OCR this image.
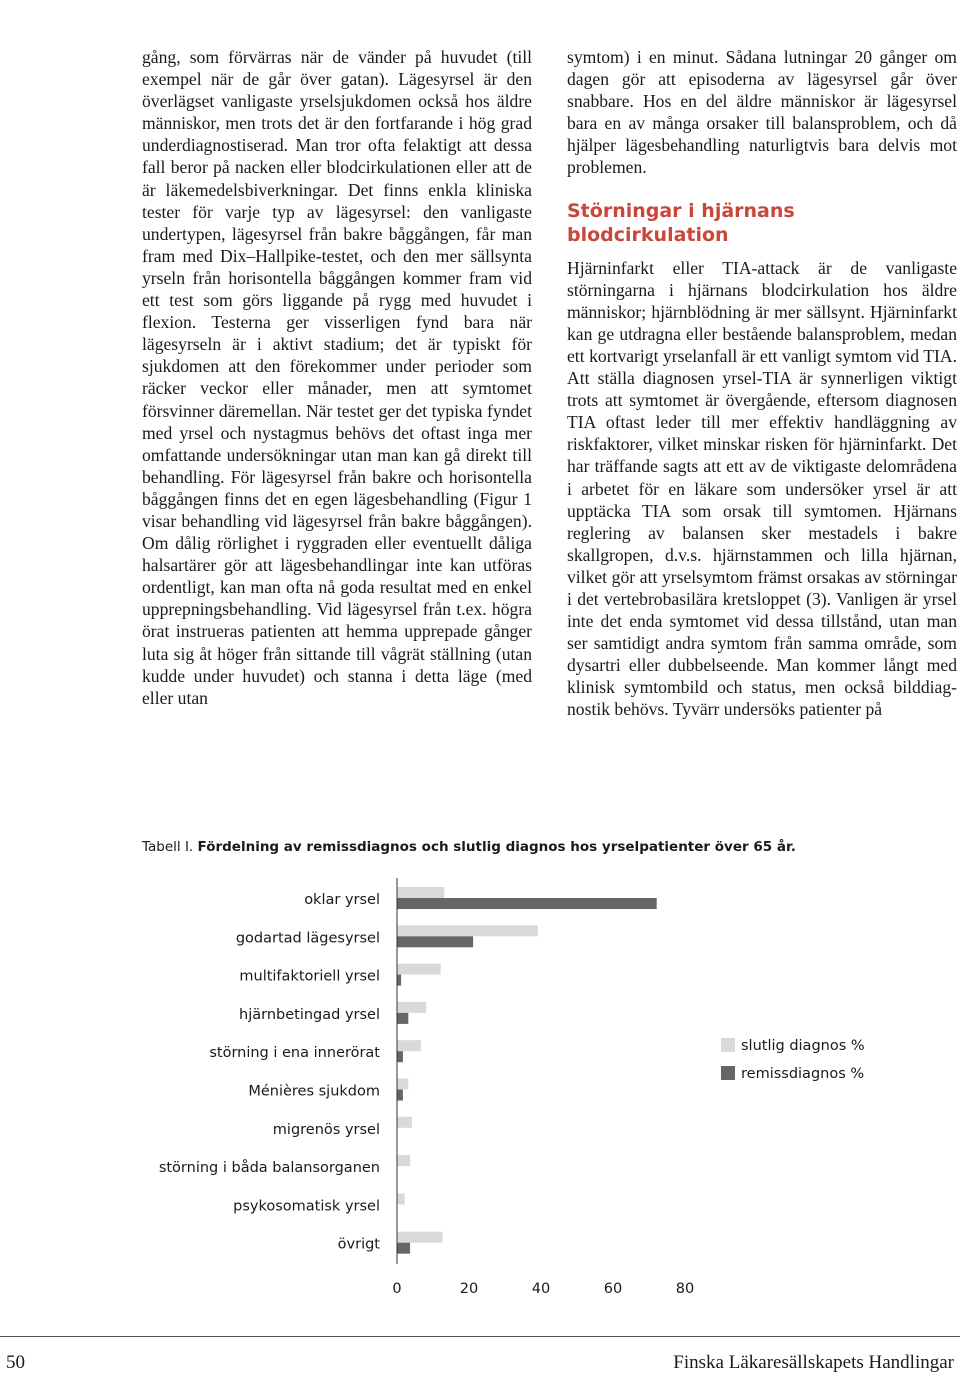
gång, som förvärras när de vänder på huvudet (till exempel när de går över gatan). Lägesyrsel är den överlägset vanligaste yrselsjukdomen också hos äldre människor, men trots det är den fortfarande i hög grad underdiagnostiserad. Man tror ofta felaktigt att dessa fall beror på nacken eller blodcirkulationen eller att de är läkemedelsbiverkningar. Det finns enkla kliniska tester för varje typ av lägesyrsel: den vanligaste undertypen, lägesyrsel från bakre båggången, får man fram med Dix–Hallpike-testet, och den mer sällsynta yrseln från horisontella båggången kommer fram vid ett test som görs liggande på rygg med huvudet i flexion. Testerna ger visserligen fynd bara när lägesyrseln är i aktivt stadium; det är typiskt för sjukdomen att den förekommer under perioder som räcker veckor eller månader, men att symtomet försvinner däremellan. När testet ger det typiska fyndet med yrsel och nystagmus behövs det oftast inga mer omfattande undersökningar utan man kan gå direkt till behandling. För lägesyrsel från bakre och horisontella båggången finns det en egen lägesbehandling (Figur 1 visar behandling vid lägesyrsel från bakre båggången). Om dålig rörlighet i ryggraden eller eventuellt dåliga halsartärer gör att lägesbehandlingar inte kan utföras ordentligt, kan man ofta nå goda resultat med en enkel upprepningsbehandling. Vid lägesyrsel från t.ex. högra örat instrueras patienten att hemma upprepade gånger luta sig åt höger från sittande till vågrät ställning (utan kudde under huvudet) och stanna i detta läge (med eller utan

symtom) i en minut. Sådana lutningar 20 gånger om dagen gör att episoderna av lägesyrsel går över snabbare. Hos en del äldre människor är lägesyrsel bara en av många orsaker till balansproblem, och då hjälper lägesbehandling naturligtvis bara delvis mot problemen.

Störningar i hjärnans blodcirkulation

Hjärninfarkt eller TIA-attack är de vanligaste störningarna i hjärnans blodcirkulation hos äldre människor; hjärnblödning är mer sällsynt. Hjärninfarkt kan ge utdragna eller bestående balansproblem, medan ett kortvarigt yrselanfall är ett vanligt symtom vid TIA. Att ställa diagnosen yrsel-TIA är synnerligen viktigt trots att symtomet är övergående, eftersom diagnosen TIA oftast leder till mer effektiv handläggning av riskfaktorer, vilket minskar risken för hjärninfarkt. Det har träffande sagts att ett av de viktigaste delområdena i arbetet för en läkare som undersöker yrsel är att upptäcka TIA som orsak till symtomen. Hjärnans reglering av balansen sker mestadels i bakre skallgropen, d.v.s. hjärnstammen och lilla hjärnan, vilket gör att yrselsymtom främst orsakas av störningar i det vertebrobasilära kretsloppet (3). Vanligen är yrsel inte det enda symtomet vid dessa tillstånd, utan man ser samtidigt andra symtom från samma område, som dysartri eller dubbelseende. Man kommer långt med klinisk symtombild och status, men också bilddiagnostik behövs. Tyvärr undersöks patienter på

Tabell I. Fördelning av remissdiagnos och slutlig diagnos hos yrselpatienter över 65 år.
oklar yrsel
godartad lägesyrsel
multifaktoriell yrsel
hjärnbetingad yrsel
störning i ena innerörat
Ménières sjukdom
migrenös yrsel
störning i båda balansorganen
psykosomatisk yrsel
övrigt
0	20	40	60	80
slutlig diagnos %
remissdiagnos %
50	Finska Läkaresällskapets Handlingar
